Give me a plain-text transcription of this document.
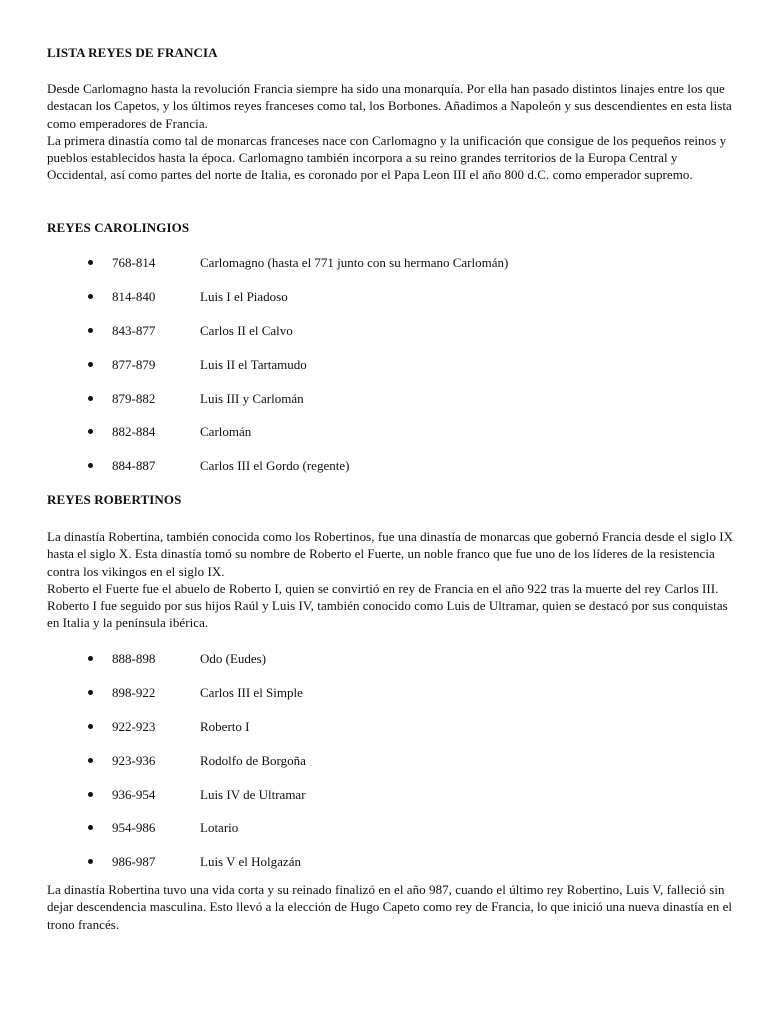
LISTA REYES DE FRANCIA
Desde Carlomagno hasta la revolución Francia siempre ha sido una monarquía. Por ella han pasado distintos linajes entre los que destacan los Capetos, y los últimos reyes franceses como tal, los Borbones. Añadimos a Napoleón y sus descendientes en esta lista como emperadores de Francia.
La primera dinastía como tal de monarcas franceses nace con Carlomagno y la unificación que consigue de los pequeños reinos y pueblos establecidos hasta la época. Carlomagno también incorpora a su reino grandes territorios de la Europa Central y Occidental, así como partes del norte de Italia, es coronado por el Papa Leon III el año 800 d.C. como emperador supremo.
REYES CAROLINGIOS
768-814	Carlomagno (hasta el 771 junto con su hermano Carlomán)
814-840	Luis I el Piadoso
843-877	Carlos II el Calvo
877-879	Luis II el Tartamudo
879-882	Luis III y Carlomán
882-884	Carlomán
884-887	Carlos III el Gordo (regente)
REYES ROBERTINOS
La dinastía Robertina, también conocida como los Robertinos, fue una dinastía de monarcas que gobernó Francia desde el siglo IX hasta el siglo X. Esta dinastía tomó su nombre de Roberto el Fuerte, un noble franco que fue uno de los líderes de la resistencia contra los vikingos en el siglo IX.
Roberto el Fuerte fue el abuelo de Roberto I, quien se convirtió en rey de Francia en el año 922 tras la muerte del rey Carlos III. Roberto I fue seguido por sus hijos Raúl y Luis IV, también conocido como Luis de Ultramar, quien se destacó por sus conquistas en Italia y la península ibérica.
888-898	Odo (Eudes)
898-922	Carlos III el Simple
922-923	Roberto I
923-936	Rodolfo de Borgoña
936-954	Luis IV de Ultramar
954-986	Lotario
986-987	Luis V el Holgazán
La dinastía Robertina tuvo una vida corta y su reinado finalizó en el año 987, cuando el último rey Robertino, Luis V, falleció sin dejar descendencia masculina. Esto llevó a la elección de Hugo Capeto como rey de Francia, lo que inició una nueva dinastía en el trono francés.
